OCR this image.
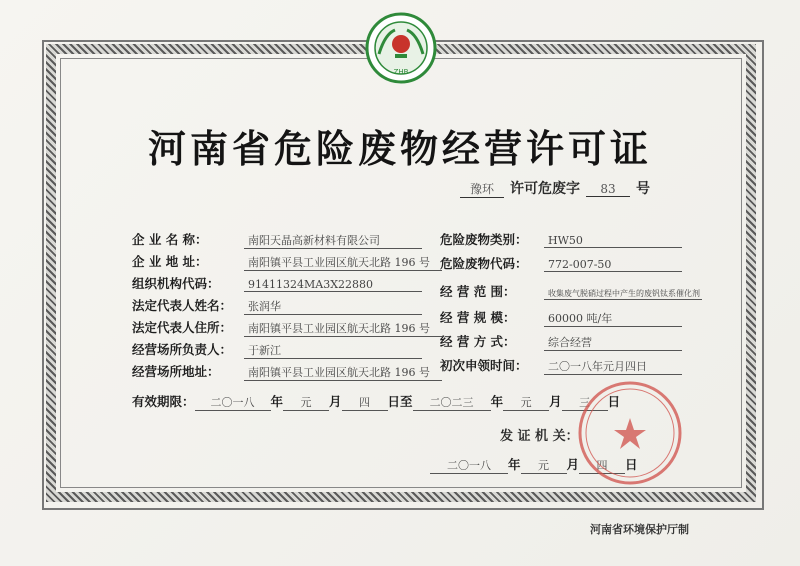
ZHB
河南省危险废物经营许可证
豫环	许可危废字	83	号
企 业 名 称：	南阳天晶高新材料有限公司
企 业 地 址：	南阳镇平县工业园区航天北路 196 号
组织机构代码：	91411324MA3X22880
法定代表人姓名：	张润华
法定代表人住所：	南阳镇平县工业园区航天北路 196 号
经营场所负责人：	于新江
经营场所地址：	南阳镇平县工业园区航天北路 196 号
危险废物类别：	HW50
危险废物代码：	772-007-50
经 营 范 围：	收集废气脱硝过程中产生的废钒钛系催化剂
经 营 规 模：	60000 吨/年
经 营 方 式：	综合经营
初次申领时间：	二〇一八年元月四日
有效期限：	二〇一八	年	元	月	四	日至	二〇二三	年	元	月	三	日
发 证 机 关：
二〇一八	年	元	月	四	日
河南省环境保护厅制
